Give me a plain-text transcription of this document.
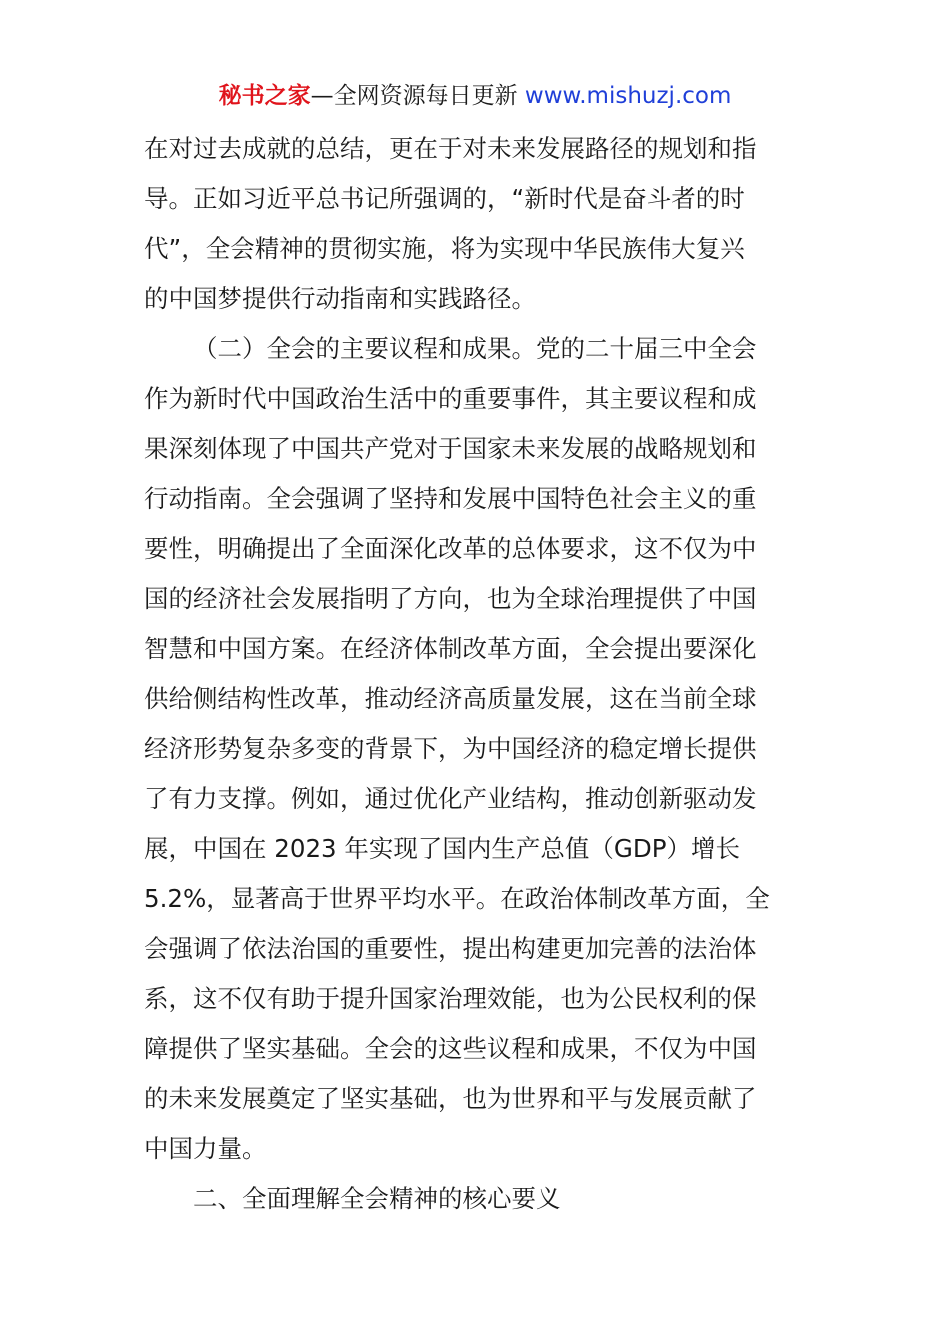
秘书之家—全网资源每日更新 www.mishuzj.com
在对过去成就的总结，更在于对未来发展路径的规划和指
导。正如习近平总书记所强调的，“新时代是奋斗者的时
代”，全会精神的贯彻实施，将为实现中华民族伟大复兴
的中国梦提供行动指南和实践路径。
（二）全会的主要议程和成果。党的二十届三中全会
作为新时代中国政治生活中的重要事件，其主要议程和成
果深刻体现了中国共产党对于国家未来发展的战略规划和
行动指南。全会强调了坚持和发展中国特色社会主义的重
要性，明确提出了全面深化改革的总体要求，这不仅为中
国的经济社会发展指明了方向，也为全球治理提供了中国
智慧和中国方案。在经济体制改革方面，全会提出要深化
供给侧结构性改革，推动经济高质量发展，这在当前全球
经济形势复杂多变的背景下，为中国经济的稳定增长提供
了有力支撑。例如，通过优化产业结构，推动创新驱动发
展，中国在 2023 年实现了国内生产总值（GDP）增长
5.2%，显著高于世界平均水平。在政治体制改革方面，全
会强调了依法治国的重要性，提出构建更加完善的法治体
系，这不仅有助于提升国家治理效能，也为公民权利的保
障提供了坚实基础。全会的这些议程和成果，不仅为中国
的未来发展奠定了坚实基础，也为世界和平与发展贡献了
中国力量。
二、全面理解全会精神的核心要义
